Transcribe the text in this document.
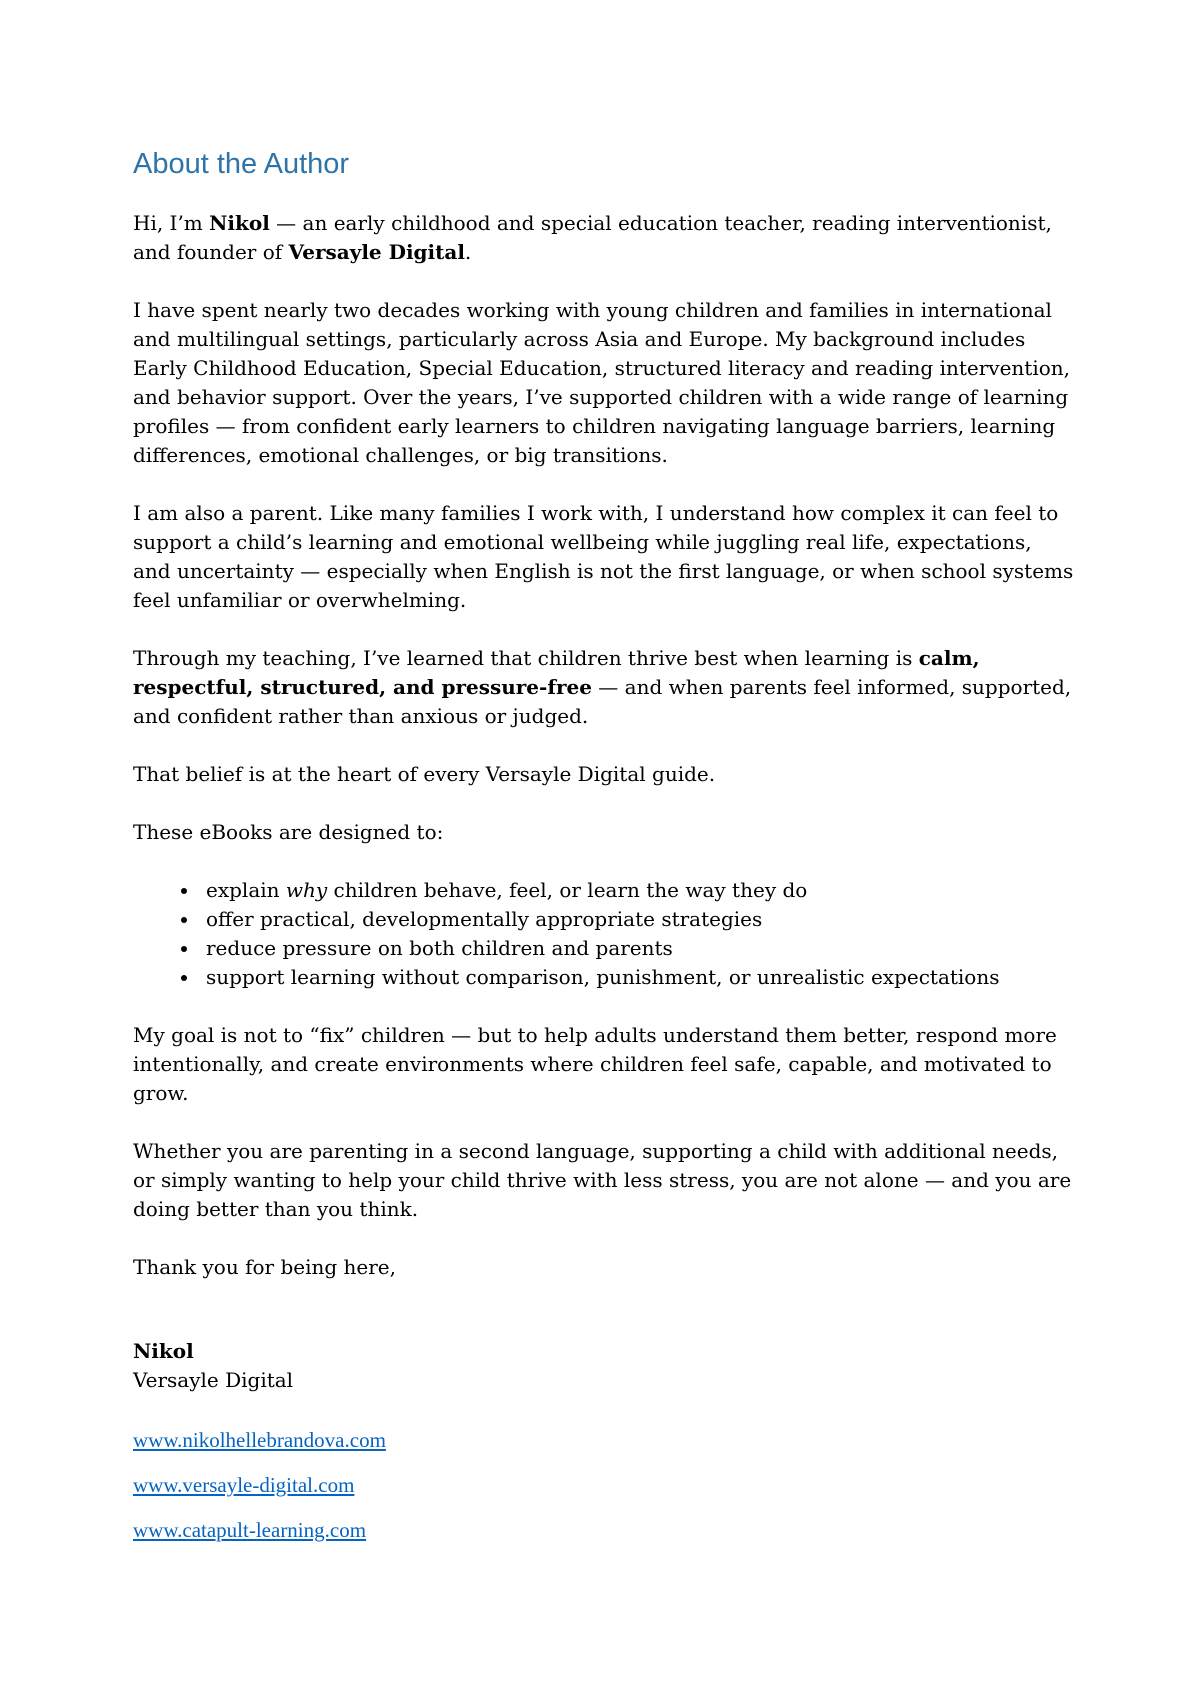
About the Author

Hi, I’m Nikol — an early childhood and special education teacher, reading interventionist, and founder of Versayle Digital.

I have spent nearly two decades working with young children and families in international and multilingual settings, particularly across Asia and Europe. My background includes Early Childhood Education, Special Education, structured literacy and reading intervention, and behavior support. Over the years, I’ve supported children with a wide range of learning profiles — from confident early learners to children navigating language barriers, learning differences, emotional challenges, or big transitions.

I am also a parent. Like many families I work with, I understand how complex it can feel to support a child’s learning and emotional wellbeing while juggling real life, expectations, and uncertainty — especially when English is not the first language, or when school systems feel unfamiliar or overwhelming.

Through my teaching, I’ve learned that children thrive best when learning is calm, respectful, structured, and pressure-free — and when parents feel informed, supported, and confident rather than anxious or judged.

That belief is at the heart of every Versayle Digital guide.

These eBooks are designed to:

• explain why children behave, feel, or learn the way they do
• offer practical, developmentally appropriate strategies
• reduce pressure on both children and parents
• support learning without comparison, punishment, or unrealistic expectations

My goal is not to “fix” children — but to help adults understand them better, respond more intentionally, and create environments where children feel safe, capable, and motivated to grow.

Whether you are parenting in a second language, supporting a child with additional needs, or simply wanting to help your child thrive with less stress, you are not alone — and you are doing better than you think.

Thank you for being here,

Nikol
Versayle Digital

www.nikolhellebrandova.com

www.versayle-digital.com

www.catapult-learning.com
